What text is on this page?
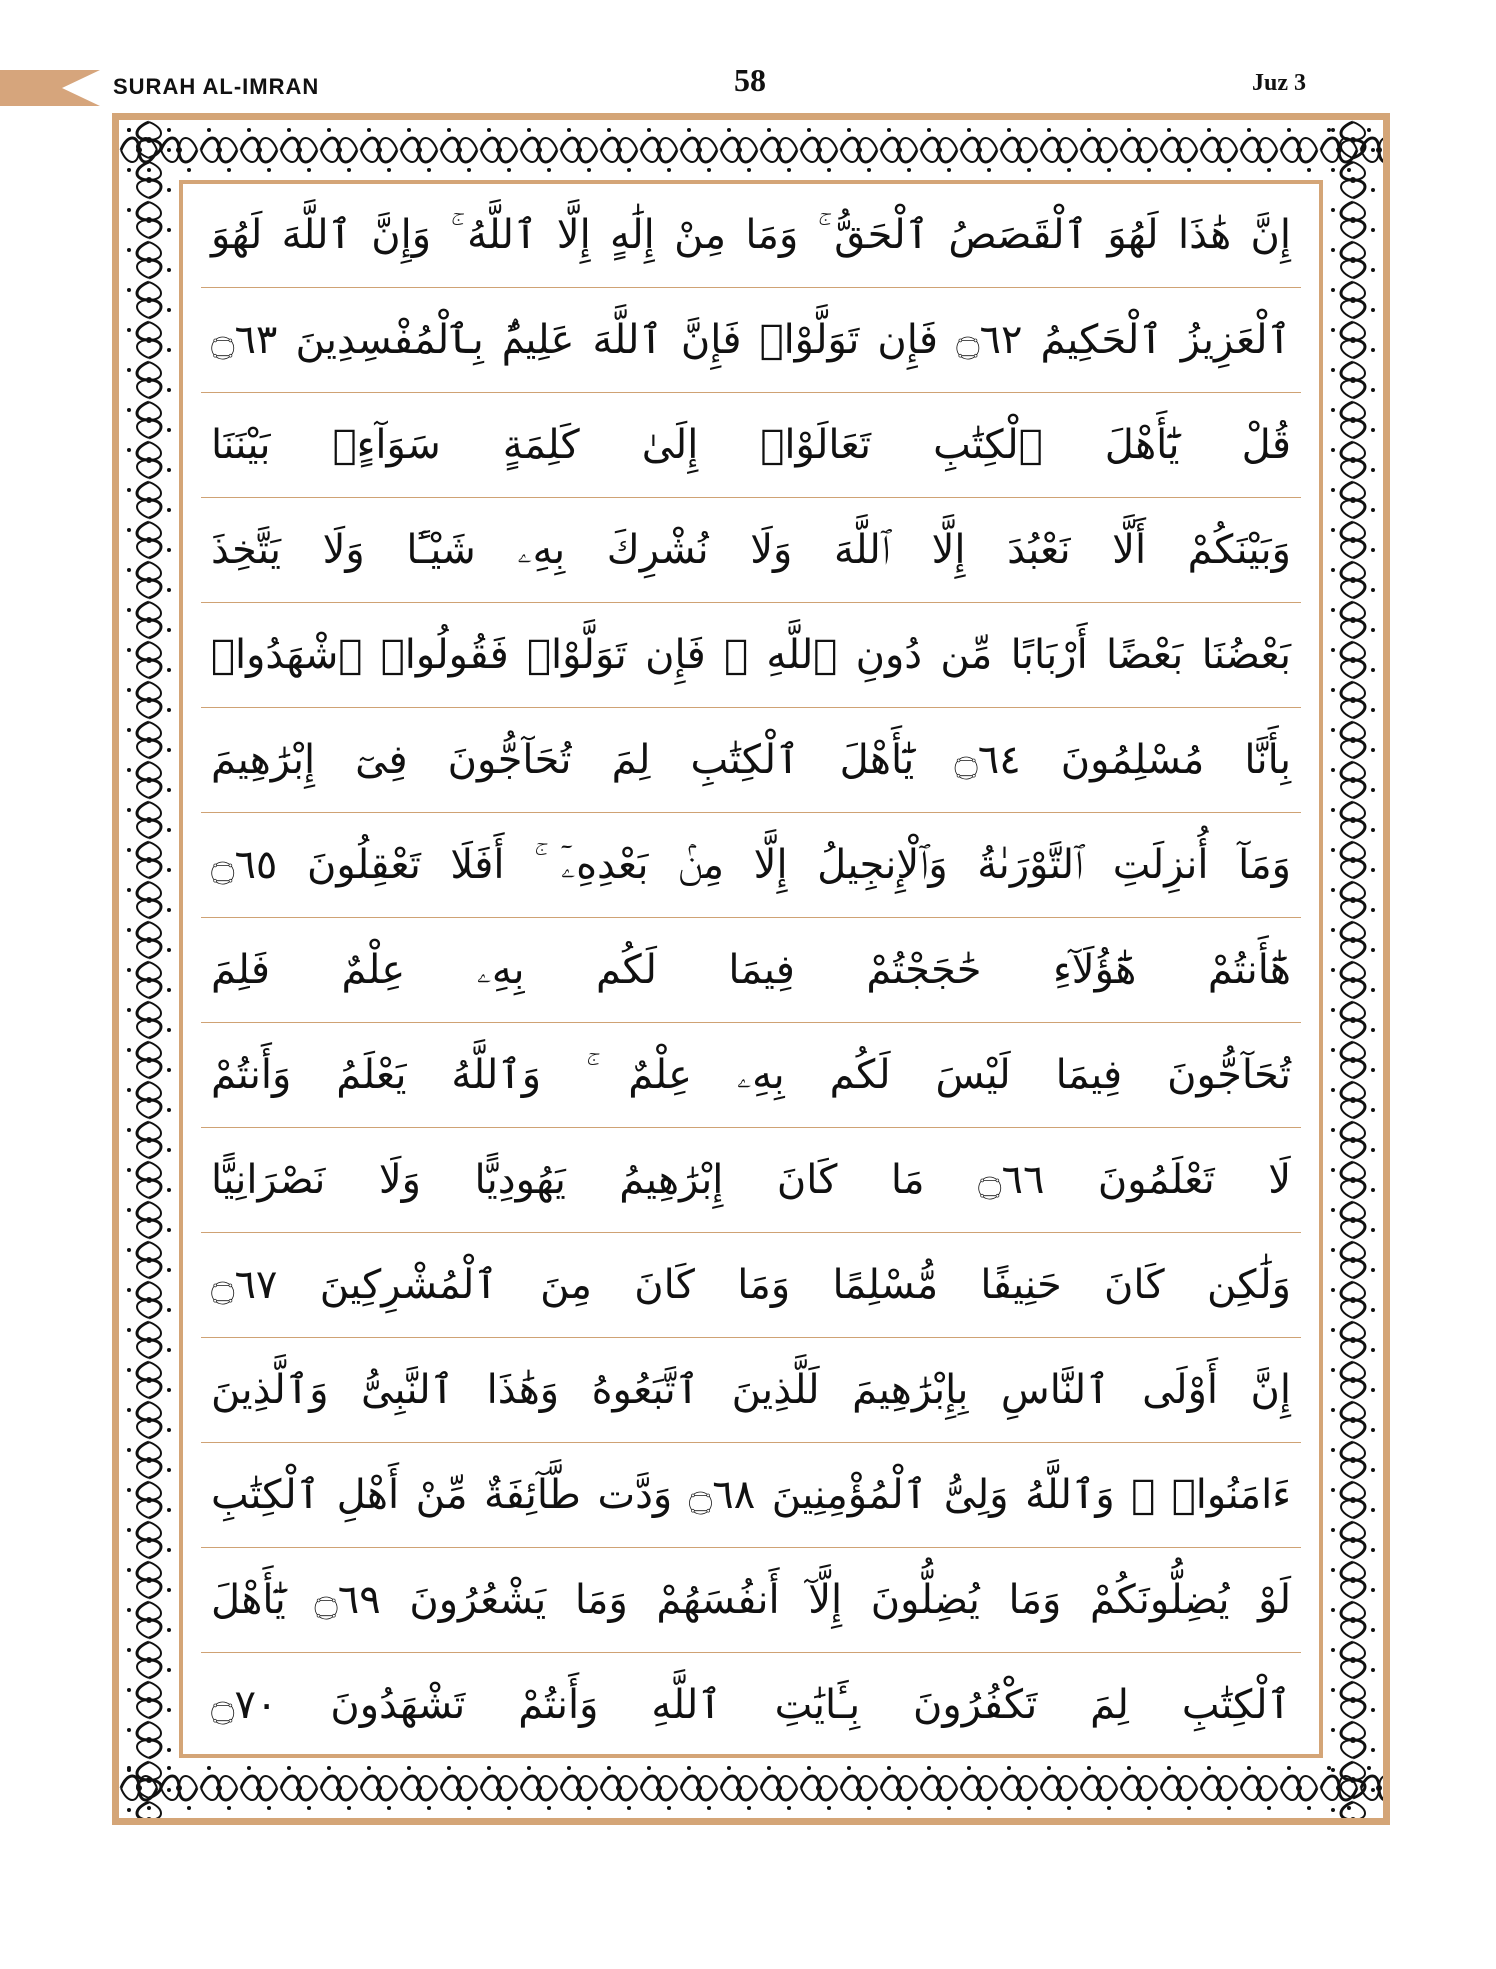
SURAH AL-IMRAN	58	Juz 3
إِنَّ هَٰذَا لَهُوَ ٱلْقَصَصُ ٱلْحَقُّ ۚ وَمَا مِنْ إِلَٰهٍ إِلَّا ٱللَّهُ ۚ وَإِنَّ ٱللَّهَ لَهُوَ
ٱلْعَزِيزُ ٱلْحَكِيمُ ۝٦٢ فَإِن تَوَلَّوْا۟ فَإِنَّ ٱللَّهَ عَلِيمٌۢ بِٱلْمُفْسِدِينَ ۝٦٣
قُلْ يَٰٓأَهْلَ ٱلْكِتَٰبِ تَعَالَوْا۟ إِلَىٰ كَلِمَةٍ سَوَآءٍۭ بَيْنَنَا
وَبَيْنَكُمْ أَلَّا نَعْبُدَ إِلَّا ٱللَّهَ وَلَا نُشْرِكَ بِهِۦ شَيْـًٔا وَلَا يَتَّخِذَ
بَعْضُنَا بَعْضًا أَرْبَابًا مِّن دُونِ ٱللَّهِ ۚ فَإِن تَوَلَّوْا۟ فَقُولُوا۟ ٱشْهَدُوا۟
بِأَنَّا مُسْلِمُونَ ۝٦٤ يَٰٓأَهْلَ ٱلْكِتَٰبِ لِمَ تُحَآجُّونَ فِىٓ إِبْرَٰهِيمَ
وَمَآ أُنزِلَتِ ٱلتَّوْرَىٰةُ وَٱلْإِنجِيلُ إِلَّا مِنۢ بَعْدِهِۦٓ ۚ أَفَلَا تَعْقِلُونَ ۝٦٥
هَٰٓأَنتُمْ هَٰٓؤُلَآءِ حَٰجَجْتُمْ فِيمَا لَكُم بِهِۦ عِلْمٌ فَلِمَ
تُحَآجُّونَ فِيمَا لَيْسَ لَكُم بِهِۦ عِلْمٌ ۚ وَٱللَّهُ يَعْلَمُ وَأَنتُمْ
لَا تَعْلَمُونَ ۝٦٦ مَا كَانَ إِبْرَٰهِيمُ يَهُودِيًّا وَلَا نَصْرَانِيًّا
وَلَٰكِن كَانَ حَنِيفًا مُّسْلِمًا وَمَا كَانَ مِنَ ٱلْمُشْرِكِينَ ۝٦٧
إِنَّ أَوْلَى ٱلنَّاسِ بِإِبْرَٰهِيمَ لَلَّذِينَ ٱتَّبَعُوهُ وَهَٰذَا ٱلنَّبِىُّ وَٱلَّذِينَ
ءَامَنُوا۟ ۗ وَٱللَّهُ وَلِىُّ ٱلْمُؤْمِنِينَ ۝٦٨ وَدَّت طَّآئِفَةٌ مِّنْ أَهْلِ ٱلْكِتَٰبِ
لَوْ يُضِلُّونَكُمْ وَمَا يُضِلُّونَ إِلَّآ أَنفُسَهُمْ وَمَا يَشْعُرُونَ ۝٦٩ يَٰٓأَهْلَ
ٱلْكِتَٰبِ لِمَ تَكْفُرُونَ بِـَٔايَٰتِ ٱللَّهِ وَأَنتُمْ تَشْهَدُونَ ۝٧٠
